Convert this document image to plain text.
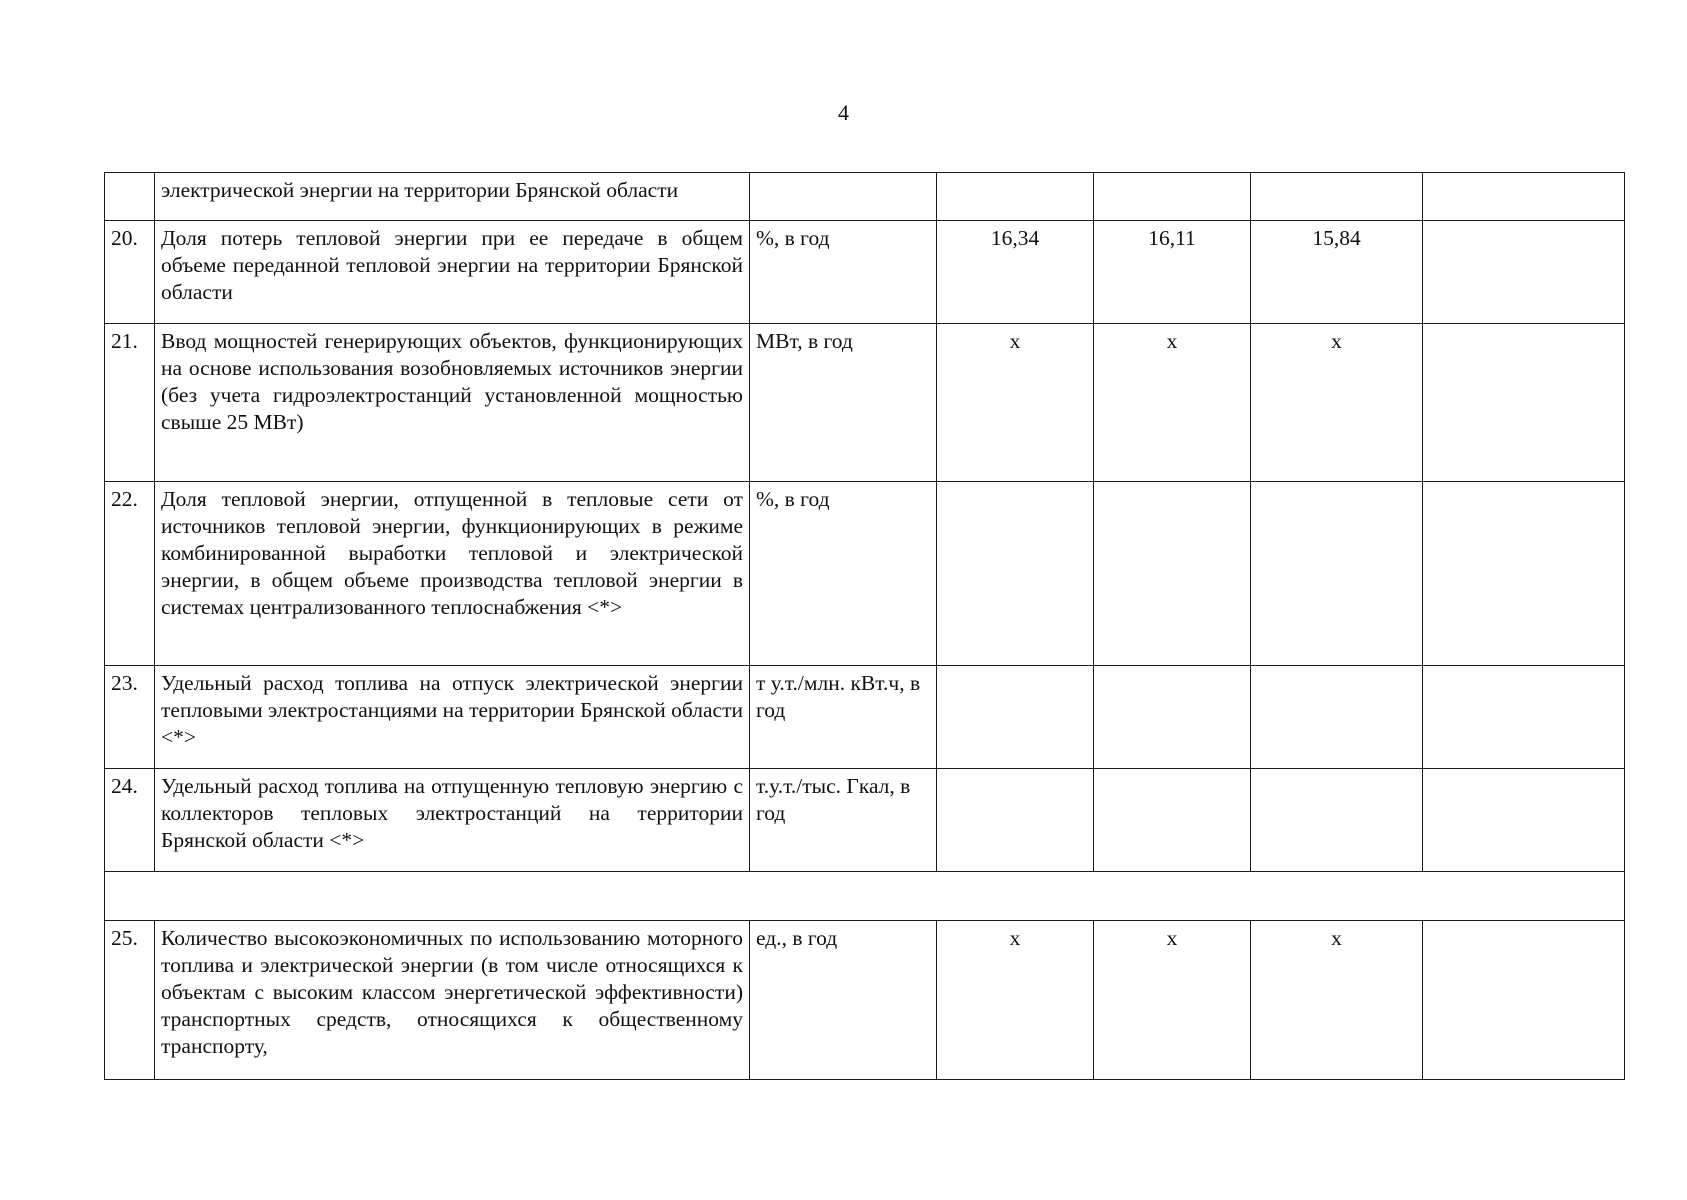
4
	электрической энергии на территории Брянской области					
20.	Доля потерь тепловой энергии при ее передаче в общем объеме переданной тепловой энергии на территории Брянской области	%, в год	16,34	16,11	15,84	
21.	Ввод мощностей генерирующих объектов, функционирующих на основе использования возобновляемых источников энергии (без учета гидроэлектростанций установленной мощностью свыше 25 МВт)	МВт, в год	х	х	х	
22.	Доля тепловой энергии, отпущенной в тепловые сети от источников тепловой энергии, функционирующих в режиме комбинированной выработки тепловой и электрической энергии, в общем объеме производства тепловой энергии в системах централизованного теплоснабжения <*>	%, в год				
23.	Удельный расход топлива на отпуск электрической энергии тепловыми электростанциями на территории Брянской области <*>	т у.т./млн. кВт.ч, в год				
24.	Удельный расход топлива на отпущенную тепловую энергию с коллекторов тепловых электростанций на территории Брянской области <*>	т.у.т./тыс. Гкал, в год				

25.	Количество высокоэкономичных по использованию моторного топлива и электрической энергии (в том числе относящихся к объектам с высоким классом энергетической эффективности) транспортных средств, относящихся к общественному транспорту,	ед., в год	х	х	х	
